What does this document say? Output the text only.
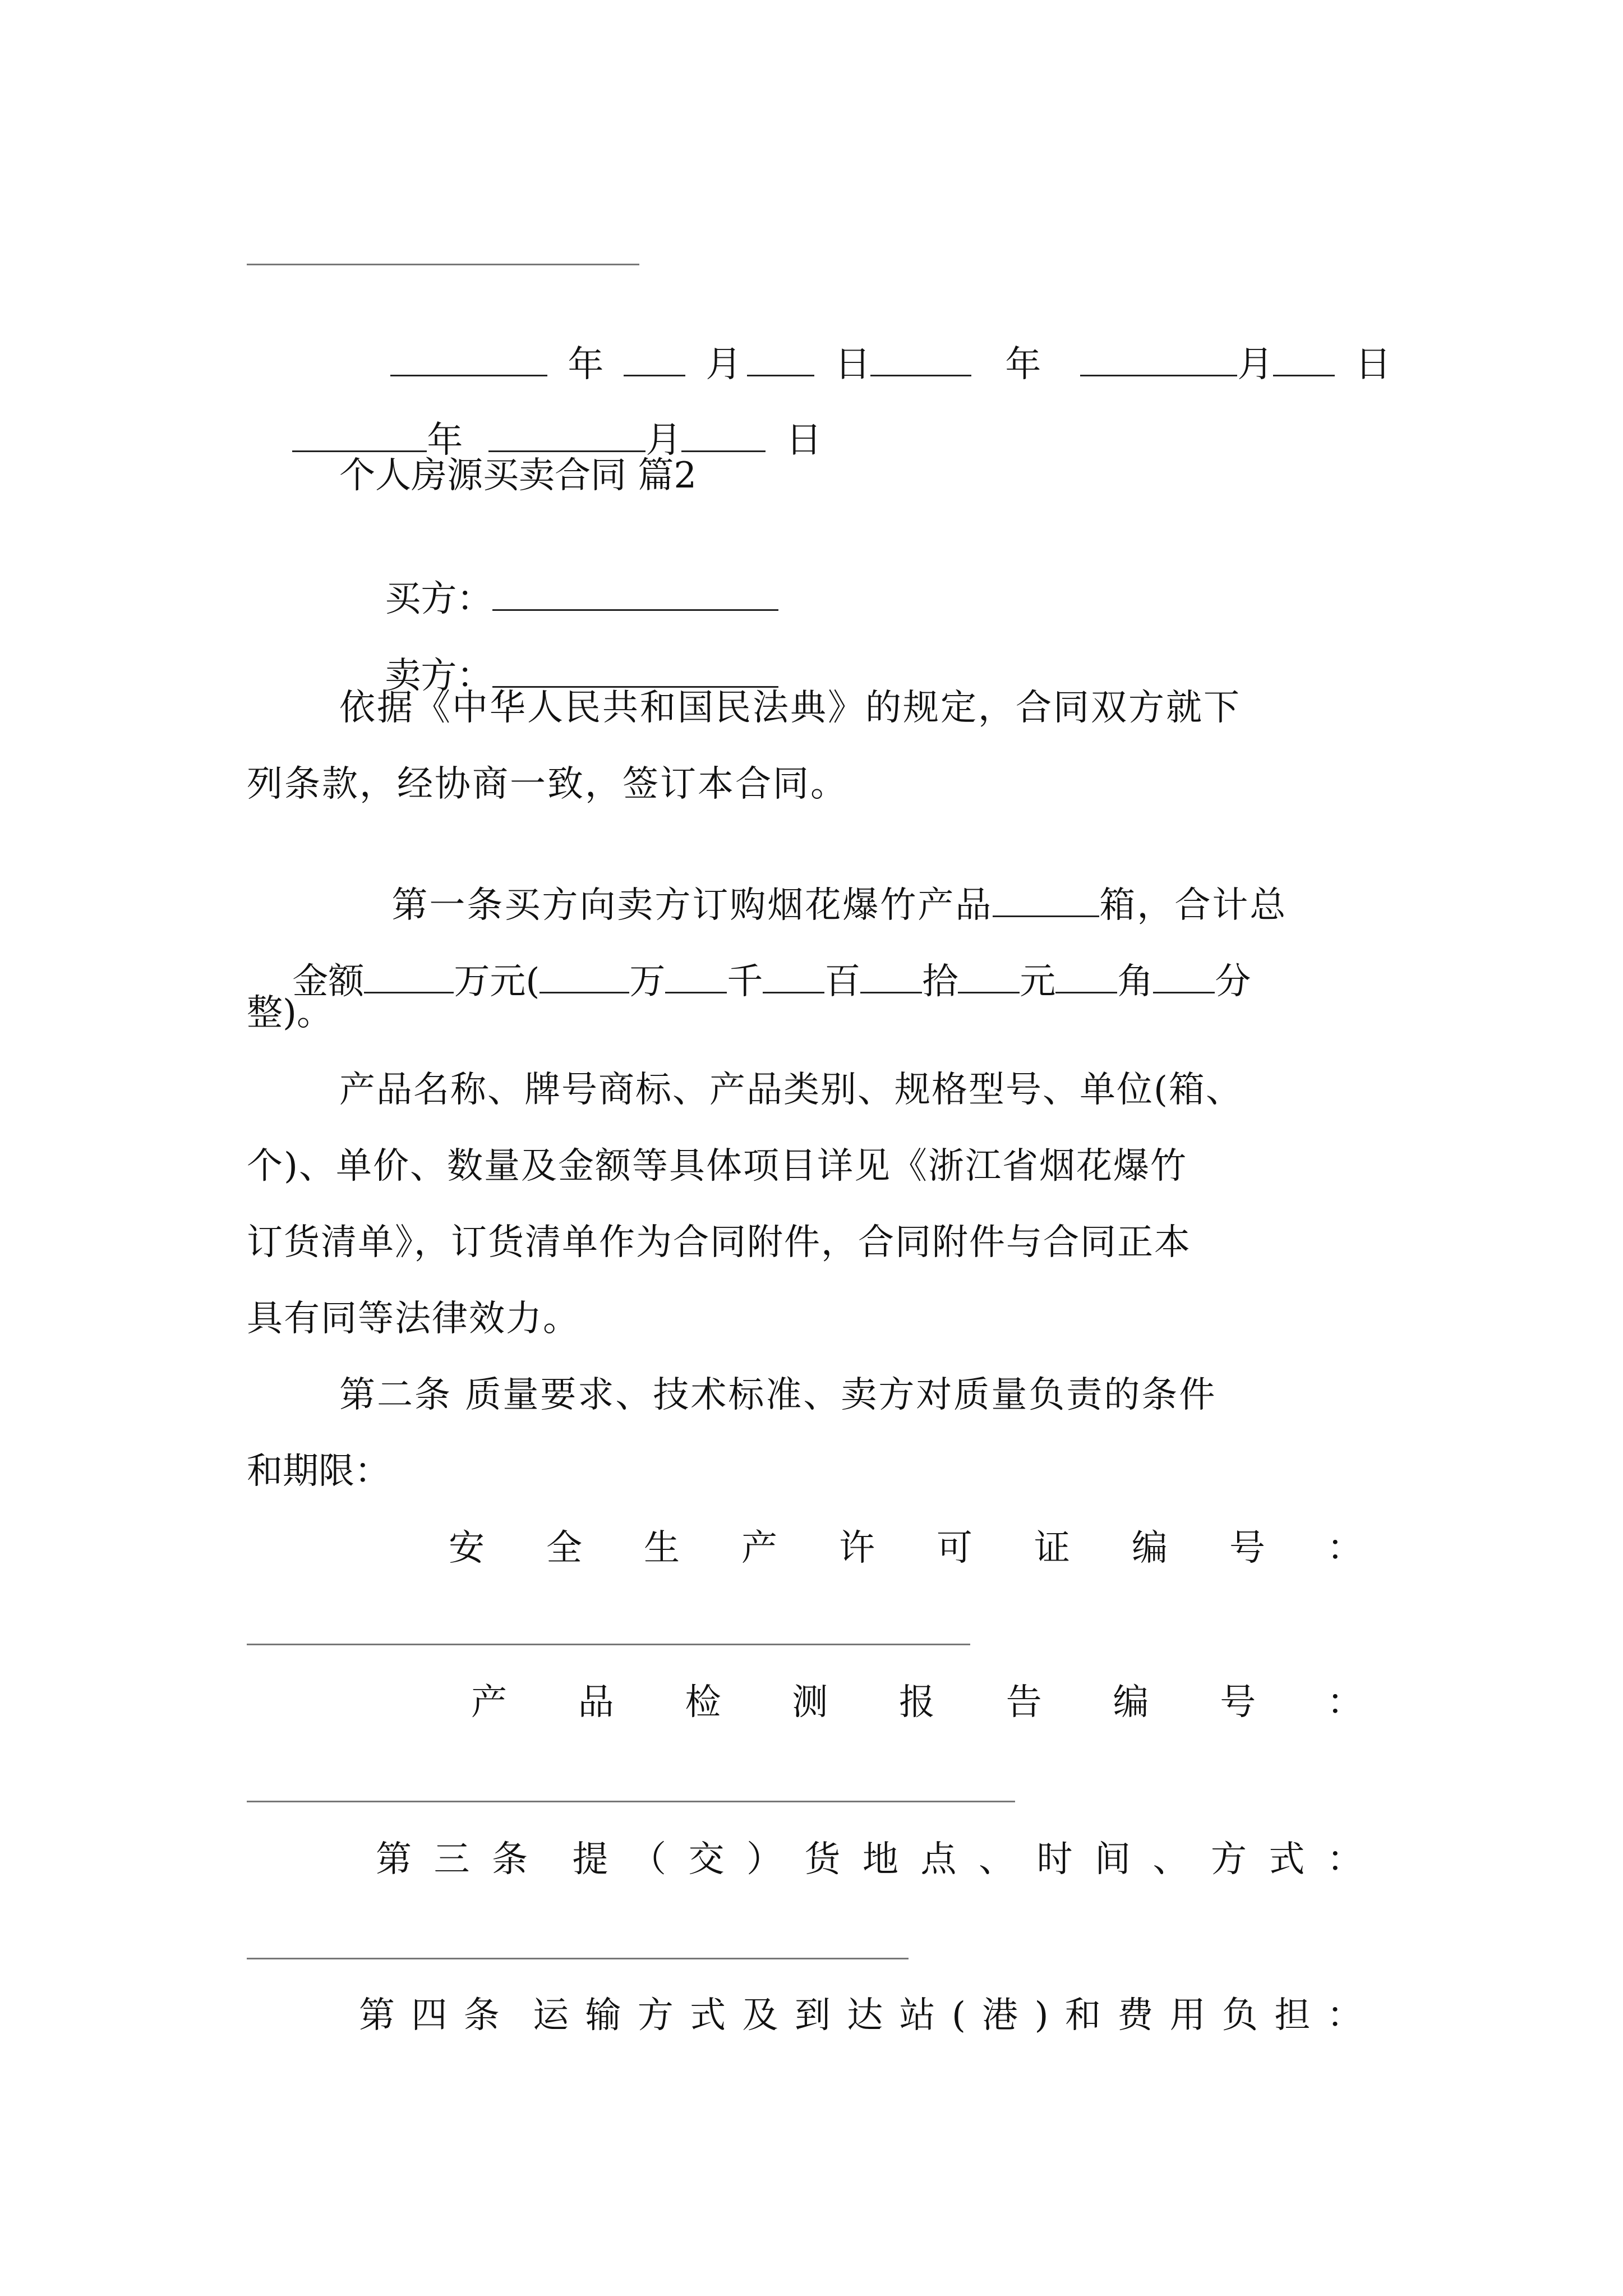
年	月	日	年	月 日

年	月	日

个人房源买卖合同 篇2

买方：

卖方：

依据《中华人民共和国民法典》的规定，合同双方就下
列条款，经协商一致，签订本合同。

第一条买方向卖方订购烟花爆竹产品	箱，合计总

金额	万元(	万 千 百 拾 元 角 分

整)。
产品名称、牌号商标、产品类别、规格型号、单位(箱、
个)、单价、数量及金额等具体项目详见《浙江省烟花爆竹
订货清单》，订货清单作为合同附件，合同附件与合同正本
具有同等法律效力。
第二条 质量要求、技术标准、卖方对质量负责的条件
和期限：
安 全 生 产 许 可 证 编 号 ：
产 品 检 测 报 告 编 号 ：
第 三 条 提 （ 交 ） 货 地 点 、 时 间 、 方 式 ：
第 四 条 运 输 方 式 及 到 达 站 ( 港 ) 和 费 用 负 担 ：
